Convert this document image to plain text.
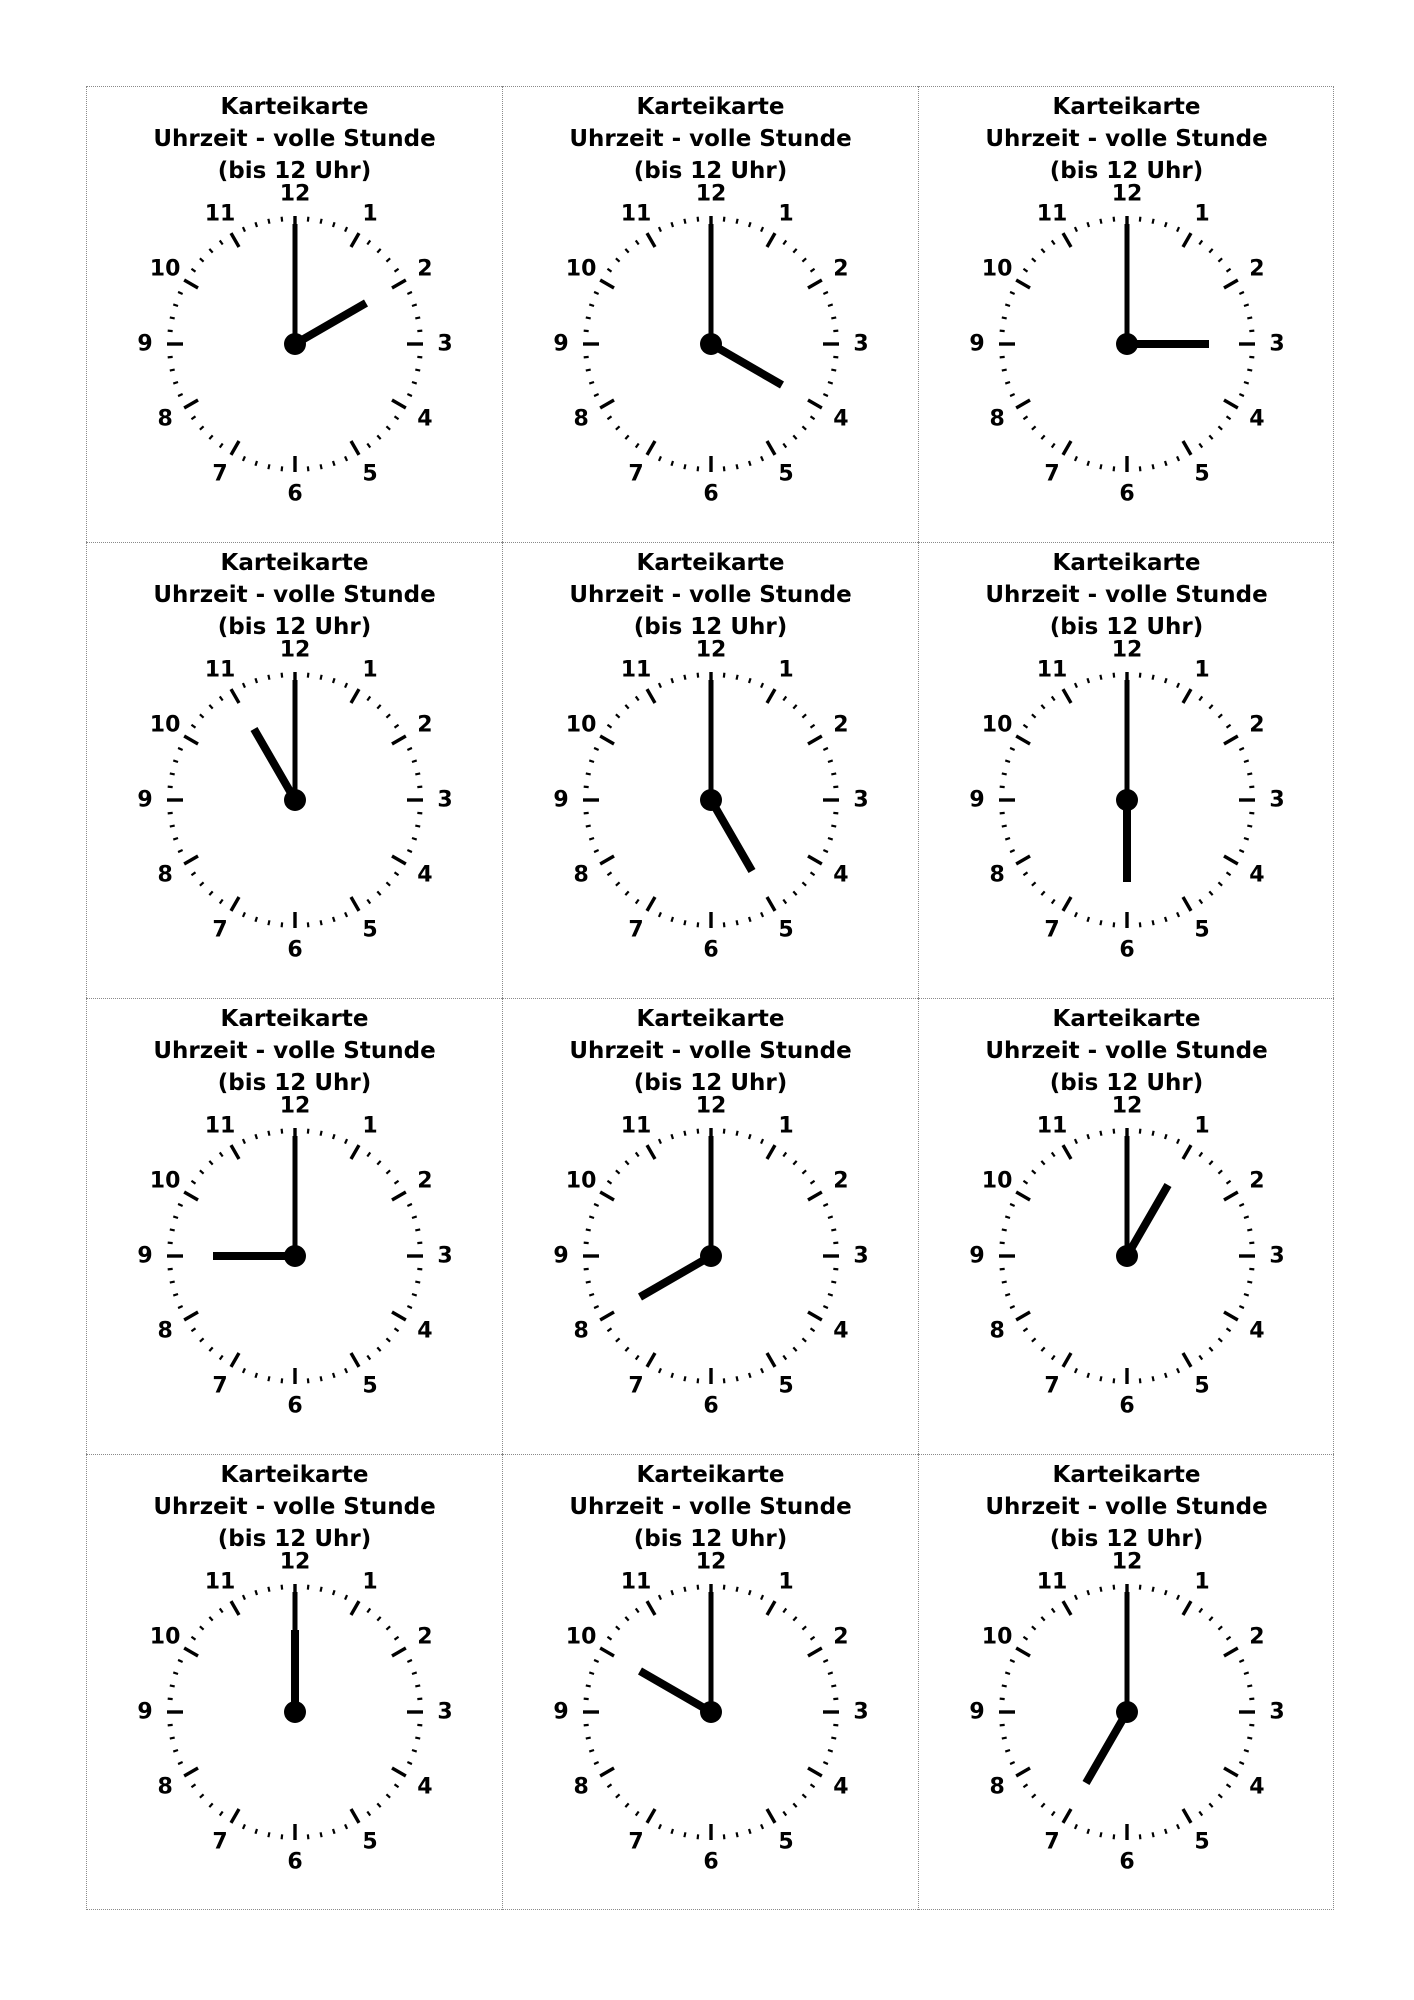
Karteikarte
Uhrzeit - volle Stunde
(bis 12 Uhr)
12
1
2
3
4
5
6
7
8
9
10
11
Karteikarte
Uhrzeit - volle Stunde
(bis 12 Uhr)
12
1
2
3
4
5
6
7
8
9
10
11
Karteikarte
Uhrzeit - volle Stunde
(bis 12 Uhr)
12
1
2
3
4
5
6
7
8
9
10
11
Karteikarte
Uhrzeit - volle Stunde
(bis 12 Uhr)
12
1
2
3
4
5
6
7
8
9
10
11
Karteikarte
Uhrzeit - volle Stunde
(bis 12 Uhr)
12
1
2
3
4
5
6
7
8
9
10
11
Karteikarte
Uhrzeit - volle Stunde
(bis 12 Uhr)
12
1
2
3
4
5
6
7
8
9
10
11
Karteikarte
Uhrzeit - volle Stunde
(bis 12 Uhr)
12
1
2
3
4
5
6
7
8
9
10
11
Karteikarte
Uhrzeit - volle Stunde
(bis 12 Uhr)
12
1
2
3
4
5
6
7
8
9
10
11
Karteikarte
Uhrzeit - volle Stunde
(bis 12 Uhr)
12
1
2
3
4
5
6
7
8
9
10
11
Karteikarte
Uhrzeit - volle Stunde
(bis 12 Uhr)
12
1
2
3
4
5
6
7
8
9
10
11
Karteikarte
Uhrzeit - volle Stunde
(bis 12 Uhr)
12
1
2
3
4
5
6
7
8
9
10
11
Karteikarte
Uhrzeit - volle Stunde
(bis 12 Uhr)
12
1
2
3
4
5
6
7
8
9
10
11
